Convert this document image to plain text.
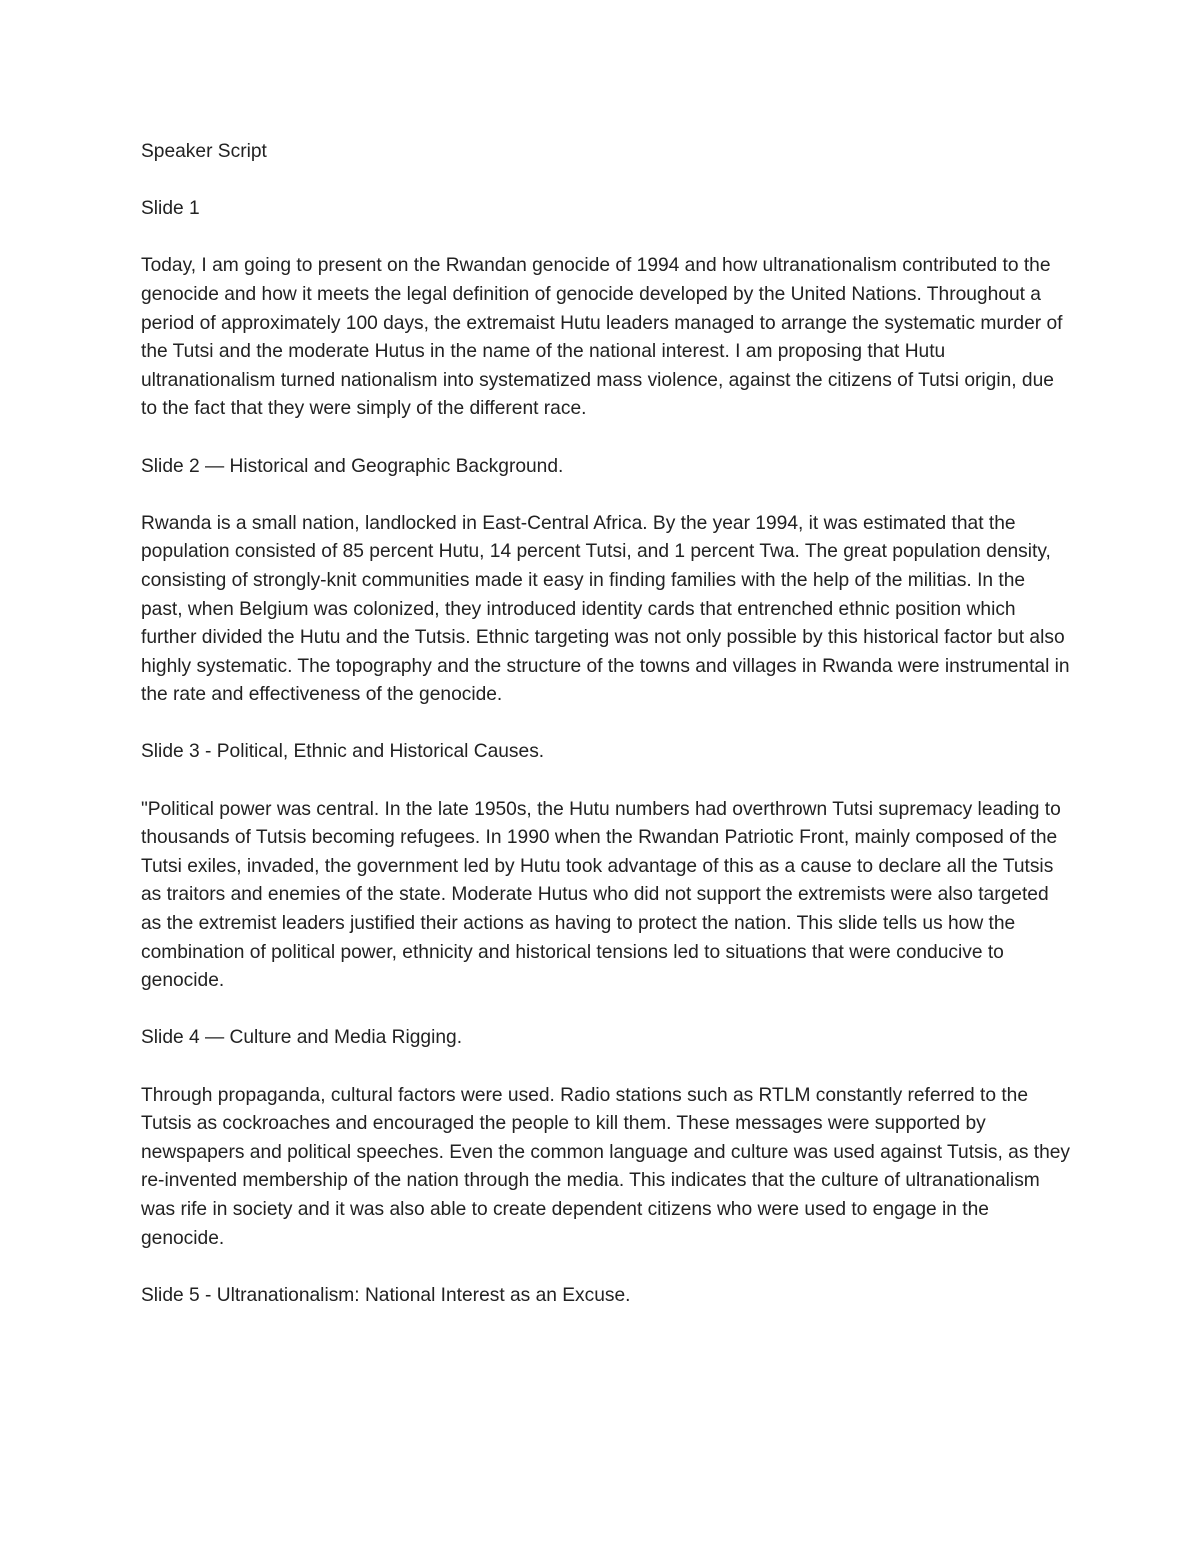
Speaker Script

Slide 1

Today, I am going to present on the Rwandan genocide of 1994 and how ultranationalism contributed to the genocide and how it meets the legal definition of genocide developed by the United Nations. Throughout a period of approximately 100 days, the extremaist Hutu leaders managed to arrange the systematic murder of the Tutsi and the moderate Hutus in the name of the national interest. I am proposing that Hutu ultranationalism turned nationalism into systematized mass violence, against the citizens of Tutsi origin, due to the fact that they were simply of the different race.

Slide 2 — Historical and Geographic Background.

Rwanda is a small nation, landlocked in East-Central Africa. By the year 1994, it was estimated that the population consisted of 85 percent Hutu, 14 percent Tutsi, and 1 percent Twa. The great population density, consisting of strongly-knit communities made it easy in finding families with the help of the militias. In the past, when Belgium was colonized, they introduced identity cards that entrenched ethnic position which further divided the Hutu and the Tutsis. Ethnic targeting was not only possible by this historical factor but also highly systematic. The topography and the structure of the towns and villages in Rwanda were instrumental in the rate and effectiveness of the genocide.

Slide 3 - Political, Ethnic and Historical Causes.

"Political power was central. In the late 1950s, the Hutu numbers had overthrown Tutsi supremacy leading to thousands of Tutsis becoming refugees. In 1990 when the Rwandan Patriotic Front, mainly composed of the Tutsi exiles, invaded, the government led by Hutu took advantage of this as a cause to declare all the Tutsis as traitors and enemies of the state. Moderate Hutus who did not support the extremists were also targeted as the extremist leaders justified their actions as having to protect the nation. This slide tells us how the combination of political power, ethnicity and historical tensions led to situations that were conducive to genocide.

Slide 4 — Culture and Media Rigging.

Through propaganda, cultural factors were used. Radio stations such as RTLM constantly referred to the Tutsis as cockroaches and encouraged the people to kill them. These messages were supported by newspapers and political speeches. Even the common language and culture was used against Tutsis, as they re-invented membership of the nation through the media. This indicates that the culture of ultranationalism was rife in society and it was also able to create dependent citizens who were used to engage in the genocide.

Slide 5 - Ultranationalism: National Interest as an Excuse.
